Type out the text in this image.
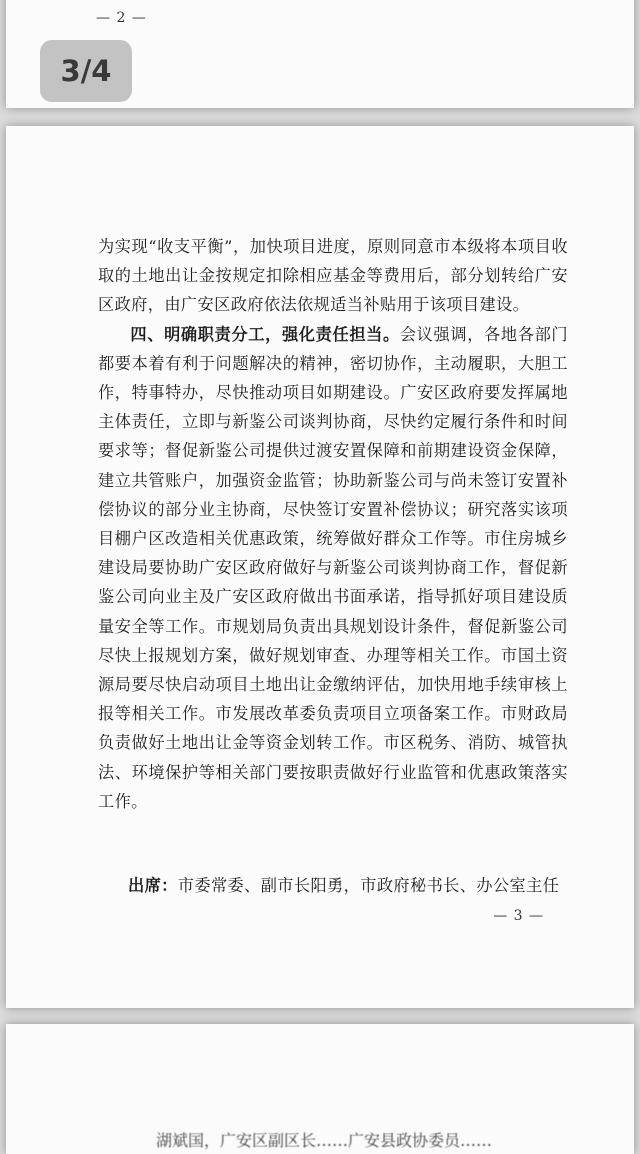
— 2 —
3/4

为实现“收支平衡”，加快项目进度，原则同意市本级将本项目收取的土地出让金按规定扣除相应基金等费用后，部分划转给广安区政府，由广安区政府依法依规适当补贴用于该项目建设。

四、明确职责分工，强化责任担当。会议强调，各地各部门都要本着有利于问题解决的精神，密切协作，主动履职，大胆工作，特事特办，尽快推动项目如期建设。广安区政府要发挥属地主体责任，立即与新鉴公司谈判协商，尽快约定履行条件和时间要求等；督促新鉴公司提供过渡安置保障和前期建设资金保障，建立共管账户，加强资金监管；协助新鉴公司与尚未签订安置补偿协议的部分业主协商，尽快签订安置补偿协议；研究落实该项目棚户区改造相关优惠政策，统筹做好群众工作等。市住房城乡建设局要协助广安区政府做好与新鉴公司谈判协商工作，督促新鉴公司向业主及广安区政府做出书面承诺，指导抓好项目建设质量安全等工作。市规划局负责出具规划设计条件，督促新鉴公司尽快上报规划方案，做好规划审查、办理等相关工作。市国土资源局要尽快启动项目土地出让金缴纳评估，加快用地手续审核上报等相关工作。市发展改革委负责项目立项备案工作。市财政局负责做好土地出让金等资金划转工作。市区税务、消防、城管执法、环境保护等相关部门要按职责做好行业监管和优惠政策落实工作。

出席：市委常委、副市长阳勇，市政府秘书长、办公室主任
— 3 —
湖斌国，广安区副区长……广安县政协委员……
